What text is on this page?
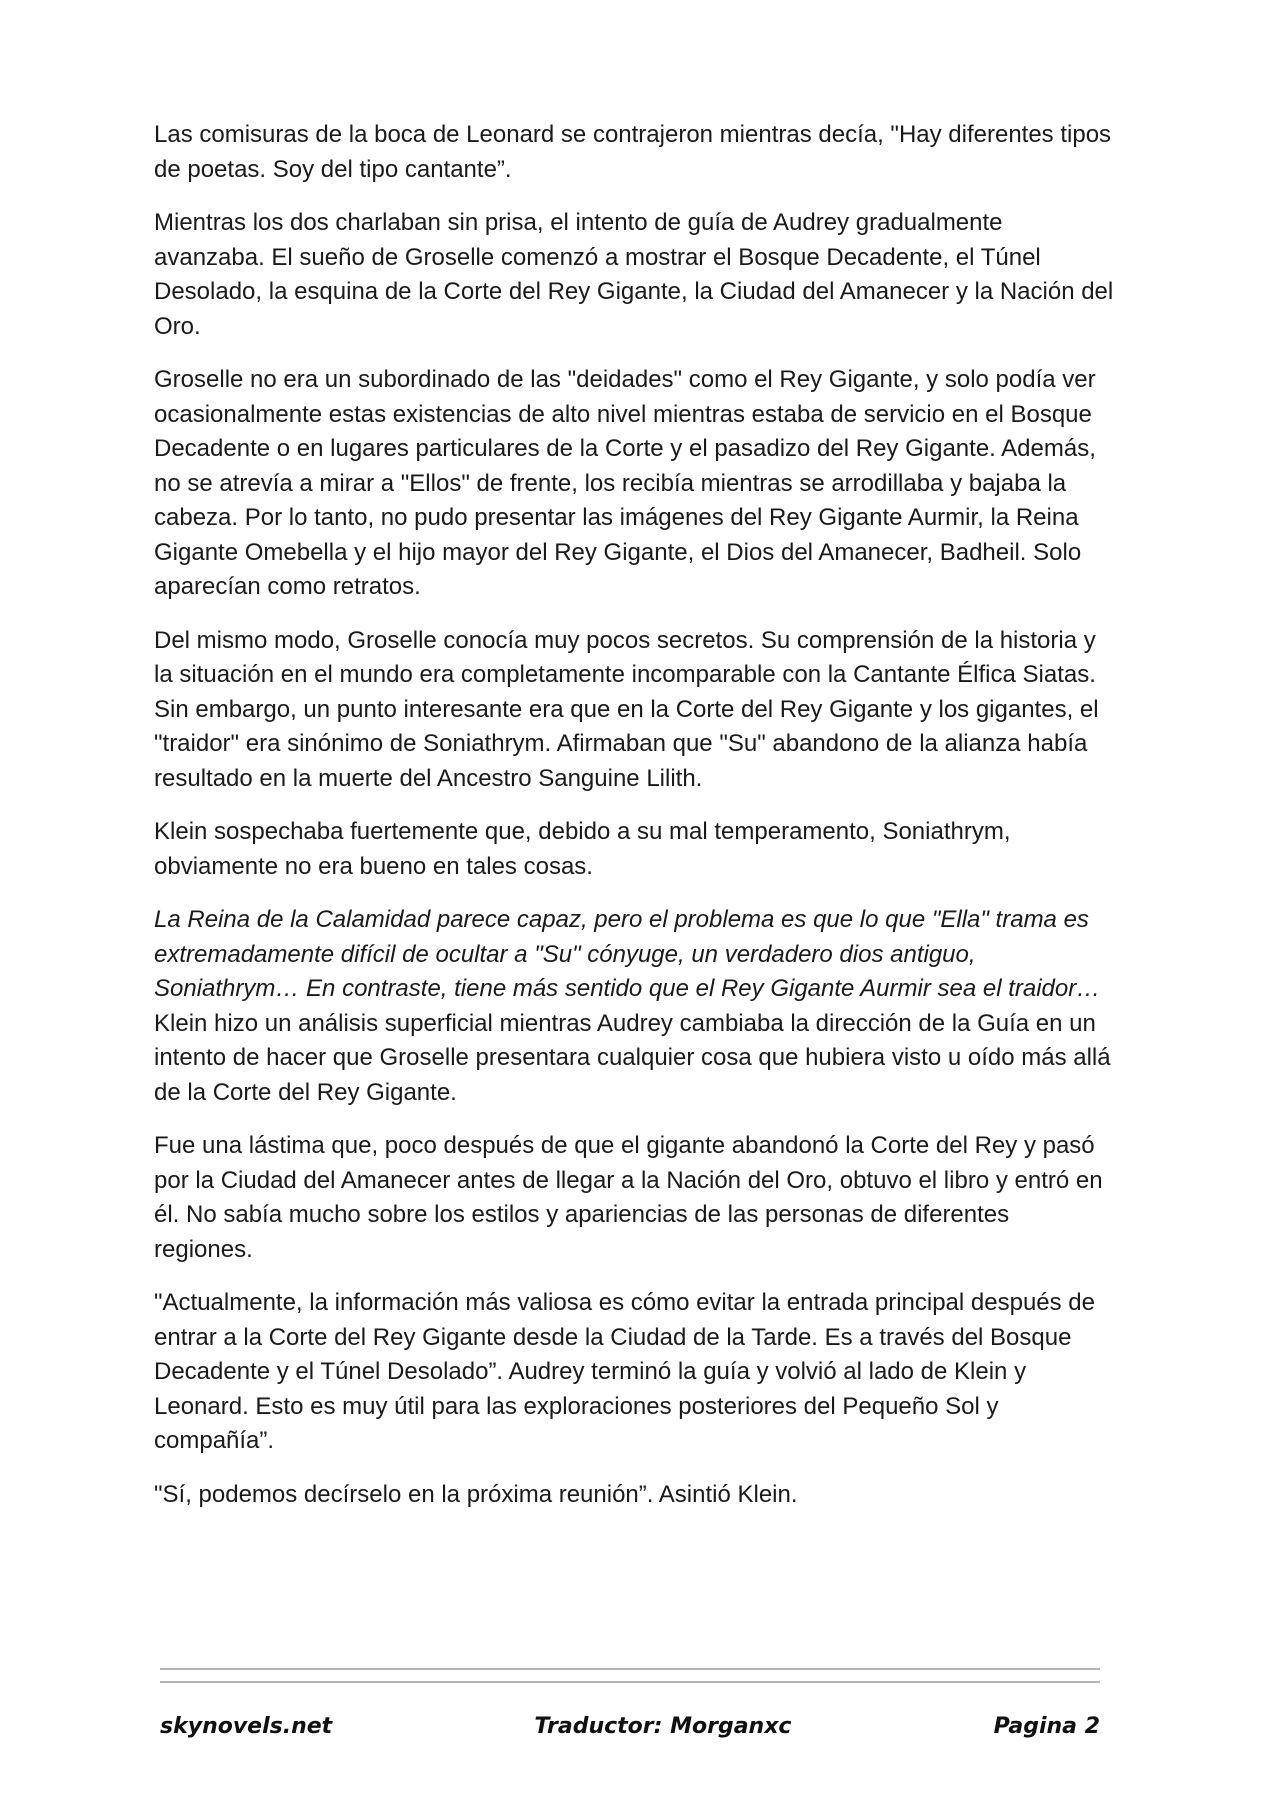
Las comisuras de la boca de Leonard se contrajeron mientras decía, "Hay diferentes tipos de poetas. Soy del tipo cantante”.

Mientras los dos charlaban sin prisa, el intento de guía de Audrey gradualmente avanzaba. El sueño de Groselle comenzó a mostrar el Bosque Decadente, el Túnel Desolado, la esquina de la Corte del Rey Gigante, la Ciudad del Amanecer y la Nación del Oro.

Groselle no era un subordinado de las "deidades" como el Rey Gigante, y solo podía ver ocasionalmente estas existencias de alto nivel mientras estaba de servicio en el Bosque Decadente o en lugares particulares de la Corte y el pasadizo del Rey Gigante. Además, no se atrevía a mirar a "Ellos" de frente, los recibía mientras se arrodillaba y bajaba la cabeza. Por lo tanto, no pudo presentar las imágenes del Rey Gigante Aurmir, la Reina Gigante Omebella y el hijo mayor del Rey Gigante, el Dios del Amanecer, Badheil. Solo aparecían como retratos.

Del mismo modo, Groselle conocía muy pocos secretos. Su comprensión de la historia y la situación en el mundo era completamente incomparable con la Cantante Élfica Siatas. Sin embargo, un punto interesante era que en la Corte del Rey Gigante y los gigantes, el "traidor" era sinónimo de Soniathrym. Afirmaban que "Su" abandono de la alianza había resultado en la muerte del Ancestro Sanguine Lilith.

Klein sospechaba fuertemente que, debido a su mal temperamento, Soniathrym, obviamente no era bueno en tales cosas.

La Reina de la Calamidad parece capaz, pero el problema es que lo que "Ella" trama es extremadamente difícil de ocultar a "Su" cónyuge, un verdadero dios antiguo, Soniathrym… En contraste, tiene más sentido que el Rey Gigante Aurmir sea el traidor… Klein hizo un análisis superficial mientras Audrey cambiaba la dirección de la Guía en un intento de hacer que Groselle presentara cualquier cosa que hubiera visto u oído más allá de la Corte del Rey Gigante.

Fue una lástima que, poco después de que el gigante abandonó la Corte del Rey y pasó por la Ciudad del Amanecer antes de llegar a la Nación del Oro, obtuvo el libro y entró en él. No sabía mucho sobre los estilos y apariencias de las personas de diferentes regiones.

"Actualmente, la información más valiosa es cómo evitar la entrada principal después de entrar a la Corte del Rey Gigante desde la Ciudad de la Tarde. Es a través del Bosque Decadente y el Túnel Desolado”. Audrey terminó la guía y volvió al lado de Klein y Leonard. Esto es muy útil para las exploraciones posteriores del Pequeño Sol y compañía”.

"Sí, podemos decírselo en la próxima reunión”. Asintió Klein.

skynovels.net	Traductor: Morganxc	Pagina 2
